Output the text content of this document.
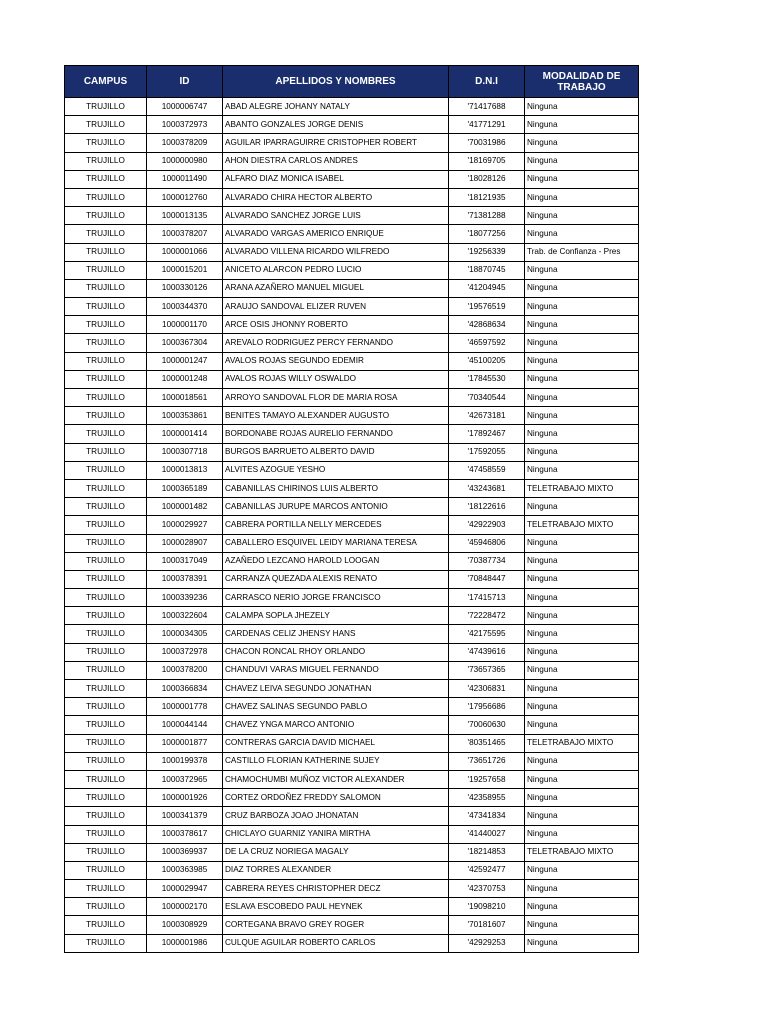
CAMPUS	ID	APELLIDOS Y NOMBRES	D.N.I	MODALIDAD DE TRABAJO
TRUJILLO	1000006747	ABAD ALEGRE JOHANY NATALY	'71417688	Ninguna
TRUJILLO	1000372973	ABANTO GONZALES JORGE DENIS	'41771291	Ninguna
TRUJILLO	1000378209	AGUILAR IPARRAGUIRRE CRISTOPHER ROBERT	'70031986	Ninguna
TRUJILLO	1000000980	AHON DIESTRA CARLOS ANDRES	'18169705	Ninguna
TRUJILLO	1000011490	ALFARO DIAZ MONICA ISABEL	'18028126	Ninguna
TRUJILLO	1000012760	ALVARADO CHIRA HECTOR ALBERTO	'18121935	Ninguna
TRUJILLO	1000013135	ALVARADO SANCHEZ JORGE LUIS	'71381288	Ninguna
TRUJILLO	1000378207	ALVARADO VARGAS AMERICO ENRIQUE	'18077256	Ninguna
TRUJILLO	1000001066	ALVARADO VILLENA RICARDO WILFREDO	'19256339	Trab. de Confianza - Pres
TRUJILLO	1000015201	ANICETO ALARCON PEDRO LUCIO	'18870745	Ninguna
TRUJILLO	1000330126	ARANA AZAÑERO MANUEL MIGUEL	'41204945	Ninguna
TRUJILLO	1000344370	ARAUJO SANDOVAL ELIZER RUVEN	'19576519	Ninguna
TRUJILLO	1000001170	ARCE OSIS JHONNY ROBERTO	'42868634	Ninguna
TRUJILLO	1000367304	AREVALO RODRIGUEZ PERCY FERNANDO	'46597592	Ninguna
TRUJILLO	1000001247	AVALOS ROJAS SEGUNDO EDEMIR	'45100205	Ninguna
TRUJILLO	1000001248	AVALOS ROJAS WILLY OSWALDO	'17845530	Ninguna
TRUJILLO	1000018561	ARROYO SANDOVAL FLOR DE MARIA ROSA	'70340544	Ninguna
TRUJILLO	1000353861	BENITES TAMAYO ALEXANDER AUGUSTO	'42673181	Ninguna
TRUJILLO	1000001414	BORDONABE ROJAS AURELIO FERNANDO	'17892467	Ninguna
TRUJILLO	1000307718	BURGOS BARRUETO ALBERTO DAVID	'17592055	Ninguna
TRUJILLO	1000013813	ALVITES AZOGUE YESHO	'47458559	Ninguna
TRUJILLO	1000365189	CABANILLAS CHIRINOS LUIS ALBERTO	'43243681	TELETRABAJO MIXTO
TRUJILLO	1000001482	CABANILLAS JURUPE MARCOS ANTONIO	'18122616	Ninguna
TRUJILLO	1000029927	CABRERA PORTILLA NELLY MERCEDES	'42922903	TELETRABAJO MIXTO
TRUJILLO	1000028907	CABALLERO ESQUIVEL LEIDY MARIANA TERESA	'45946806	Ninguna
TRUJILLO	1000317049	AZAÑEDO LEZCANO HAROLD LOOGAN	'70387734	Ninguna
TRUJILLO	1000378391	CARRANZA QUEZADA ALEXIS RENATO	'70848447	Ninguna
TRUJILLO	1000339236	CARRASCO NERIO JORGE FRANCISCO	'17415713	Ninguna
TRUJILLO	1000322604	CALAMPA SOPLA JHEZELY	'72228472	Ninguna
TRUJILLO	1000034305	CARDENAS CELIZ JHENSY HANS	'42175595	Ninguna
TRUJILLO	1000372978	CHACON RONCAL RHOY ORLANDO	'47439616	Ninguna
TRUJILLO	1000378200	CHANDUVI VARAS MIGUEL FERNANDO	'73657365	Ninguna
TRUJILLO	1000366834	CHAVEZ LEIVA SEGUNDO JONATHAN	'42306831	Ninguna
TRUJILLO	1000001778	CHAVEZ SALINAS SEGUNDO PABLO	'17956686	Ninguna
TRUJILLO	1000044144	CHAVEZ YNGA MARCO ANTONIO	'70060630	Ninguna
TRUJILLO	1000001877	CONTRERAS GARCIA DAVID MICHAEL	'80351465	TELETRABAJO MIXTO
TRUJILLO	1000199378	CASTILLO FLORIAN KATHERINE SUJEY	'73651726	Ninguna
TRUJILLO	1000372965	CHAMOCHUMBI MUÑOZ VICTOR ALEXANDER	'19257658	Ninguna
TRUJILLO	1000001926	CORTEZ ORDOÑEZ FREDDY SALOMON	'42358955	Ninguna
TRUJILLO	1000341379	CRUZ BARBOZA JOAO JHONATAN	'47341834	Ninguna
TRUJILLO	1000378617	CHICLAYO GUARNIZ YANIRA MIRTHA	'41440027	Ninguna
TRUJILLO	1000369937	DE LA CRUZ NORIEGA MAGALY	'18214853	TELETRABAJO MIXTO
TRUJILLO	1000363985	DIAZ TORRES ALEXANDER	'42592477	Ninguna
TRUJILLO	1000029947	CABRERA REYES CHRISTOPHER DECZ	'42370753	Ninguna
TRUJILLO	1000002170	ESLAVA ESCOBEDO PAUL HEYNEK	'19098210	Ninguna
TRUJILLO	1000308929	CORTEGANA BRAVO GREY ROGER	'70181607	Ninguna
TRUJILLO	1000001986	CULQUE AGUILAR ROBERTO CARLOS	'42929253	Ninguna
